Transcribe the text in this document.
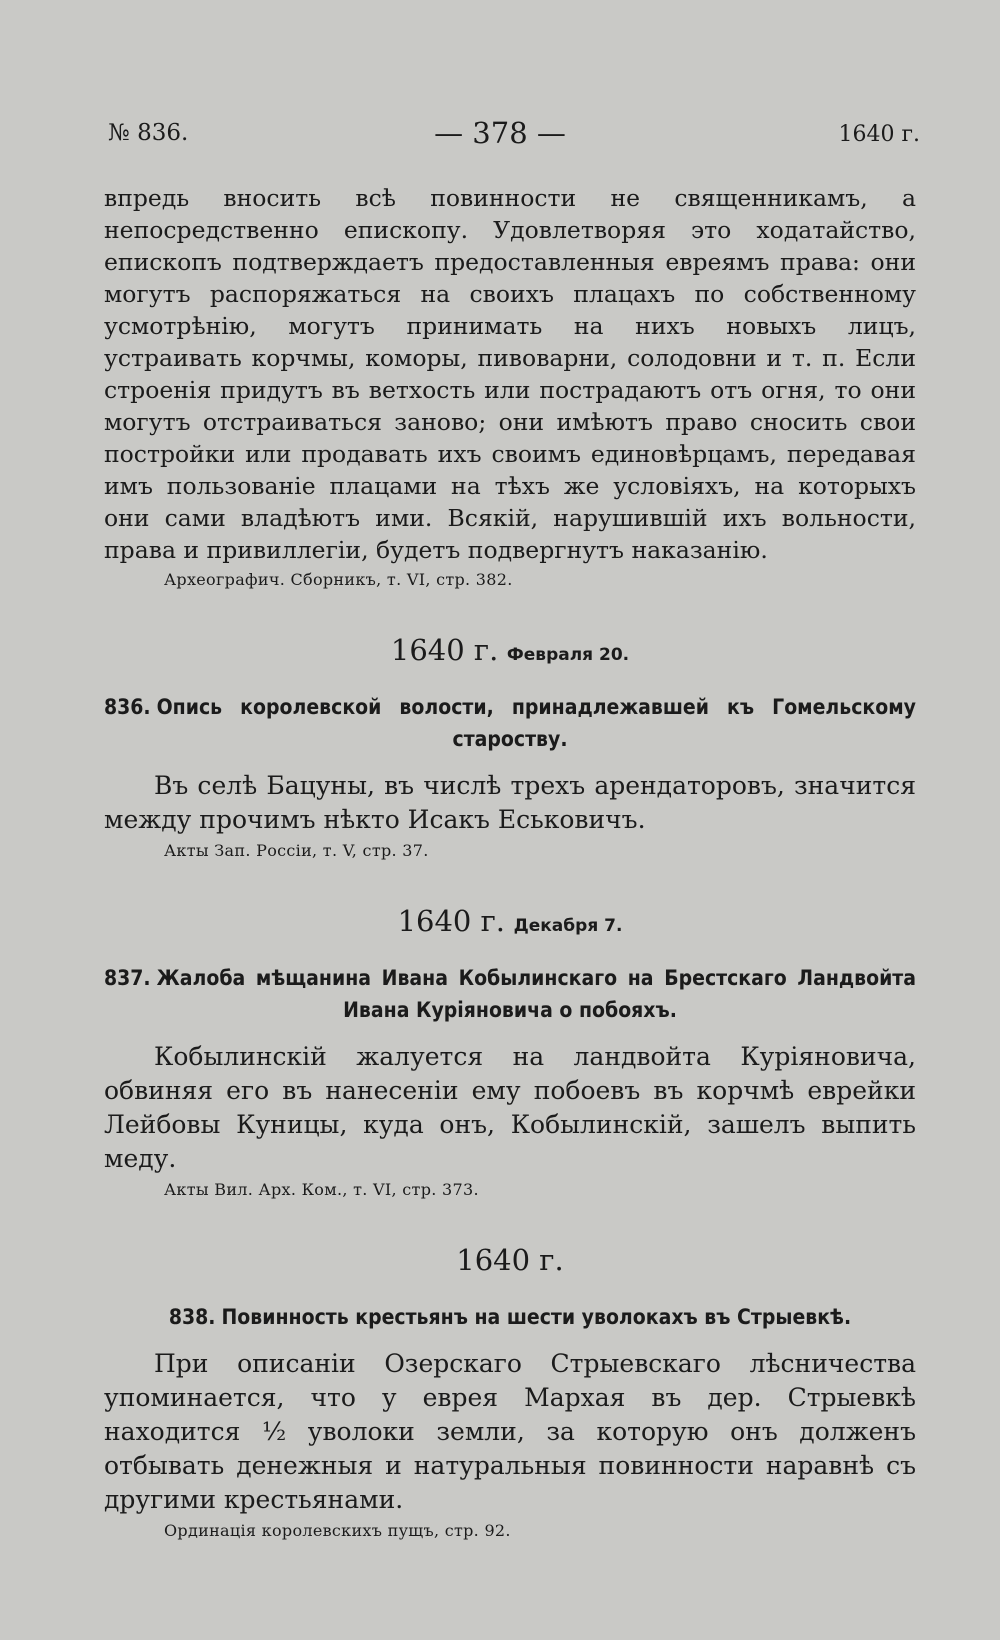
№ 836.	— 378 —	1640 г.

впредь вносить всѣ повинности не священникамъ, а непосредственно епископу. Удовлетворяя это ходатайство, епископъ подтверждаетъ предоставленныя евреямъ права: они могутъ распоряжаться на своихъ плацахъ по собственному усмотрѣнію, могутъ принимать на нихъ новыхъ лицъ, устраивать корчмы, коморы, пивоварни, солодовни и т. п. Если строенія придутъ въ ветхость или пострадаютъ отъ огня, то они могутъ отстраиваться заново; они имѣютъ право сносить свои постройки или продавать ихъ своимъ единовѣрцамъ, передавая имъ пользованіе плацами на тѣхъ же условіяхъ, на которыхъ они сами владѣютъ ими. Всякій, нарушившій ихъ вольности, права и привиллегіи, будетъ подвергнутъ наказанію.

Археографич. Сборникъ, т. VI, стр. 382.
1640 г. Февраля 20.
836. Опись королевской волости, принадлежавшей къ Гомельскому староству.

Въ селѣ Бацуны, въ числѣ трехъ арендаторовъ, значится между прочимъ нѣкто Исакъ Еськовичъ.

Акты Зап. Россіи, т. V, стр. 37.
1640 г. Декабря 7.
837. Жалоба мѣщанина Ивана Кобылинскаго на Брестскаго Ландвойта Ивана Куріяновича о побояхъ.

Кобылинскій жалуется на ландвойта Куріяновича, обвиняя его въ нанесеніи ему побоевъ въ корчмѣ еврейки Лейбовы Куницы, куда онъ, Кобылинскій, зашелъ выпить меду.

Акты Вил. Арх. Ком., т. VI, стр. 373.
1640 г.
838. Повинность крестьянъ на шести уволокахъ въ Стрыевкѣ.

При описаніи Озерскаго Стрыевскаго лѣсничества упоминается, что у еврея Мархая въ дер. Стрыевкѣ находится ½ уволоки земли, за которую онъ долженъ отбывать денежныя и натуральныя повинности наравнѣ съ другими крестьянами.

Ординація королевскихъ пущъ, стр. 92.
